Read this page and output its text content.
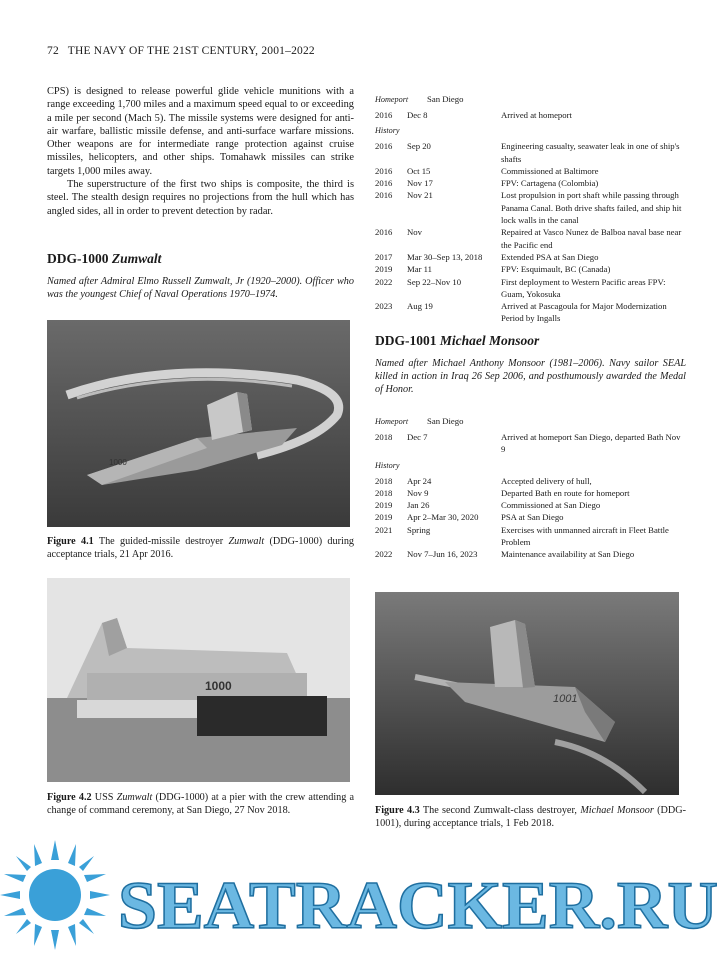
72 THE NAVY OF THE 21ST CENTURY, 2001–2022

CPS) is designed to release powerful glide vehicle munitions with a range exceeding 1,700 miles and a maximum speed equal to or exceeding a mile per second (Mach 5). The missile systems were designed for anti-air warfare, ballistic missile defense, and anti-surface warfare missions. Other weapons are for intermediate range protection against cruise missiles, helicopters, and other ships. Tomahawk missiles can strike targets 1,000 miles away.

The superstructure of the first two ships is composite, the third is steel. The stealth design requires no projections from the hull which has angled sides, all in order to prevent detection by radar.

DDG-1000 Zumwalt
Named after Admiral Elmo Russell Zumwalt, Jr (1920–2000). Officer who was the youngest Chief of Naval Operations 1970–1974.
1000
Figure 4.1 The guided-missile destroyer Zumwalt (DDG-1000) during acceptance trials, 21 Apr 2016.
1000
Figure 4.2 USS Zumwalt (DDG-1000) at a pier with the crew attending a change of command ceremony, at San Diego, 27 Nov 2018.
Homeport San Diego
2016 Dec 8	Arrived at homeport
History
2016 Sep 20	Engineering casualty, seawater leak in one of ship's shafts
2016 Oct 15	Commissioned at Baltimore
2016 Nov 17	FPV: Cartagena (Colombia)
2016 Nov 21	Lost propulsion in port shaft while passing through Panama Canal. Both drive shafts failed, and ship hit lock walls in the canal
2016 Nov	Repaired at Vasco Nunez de Balboa naval base near the Pacific end
2017 Mar 30–Sep 13, 2018 Extended PSA at San Diego
2019 Mar 11	FPV: Esquimault, BC (Canada)
2022 Sep 22–Nov 10	First deployment to Western Pacific areas FPV: Guam, Yokosuka
2023 Aug 19	Arrived at Pascagoula for Major Modernization Period by Ingalls
DDG-1001 Michael Monsoor
Named after Michael Anthony Monsoor (1981–2006). Navy sailor SEAL killed in action in Iraq 26 Sep 2006, and posthumously awarded the Medal of Honor.
Homeport San Diego
2018 Dec 7	Arrived at homeport San Diego, departed Bath Nov 9
History
2018 Apr 24	Accepted delivery of hull,
2018 Nov 9	Departed Bath en route for homeport
2019 Jan 26	Commissioned at San Diego
2019 Apr 2–Mar 30, 2020	PSA at San Diego
2021 Spring	Exercises with unmanned aircraft in Fleet Battle Problem
2022 Nov 7–Jun 16, 2023	Maintenance availability at San Diego
1001
Figure 4.3 The second Zumwalt-class destroyer, Michael Monsoor (DDG-1001), during acceptance trials, 1 Feb 2018.
SEATRACKER.RU
